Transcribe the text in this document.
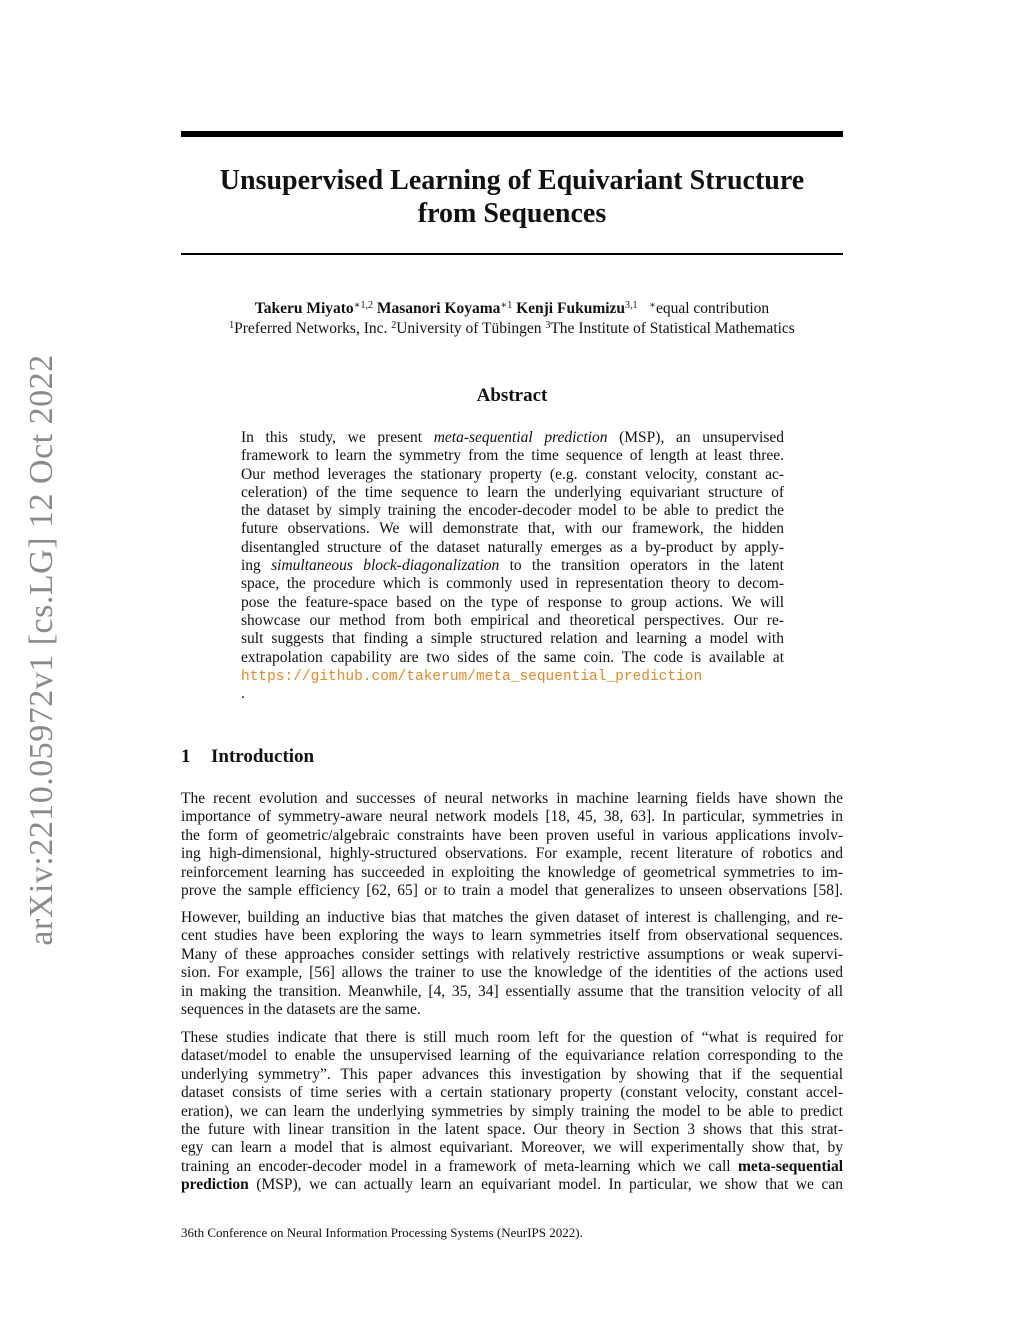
arXiv:2210.05972v1 [cs.LG] 12 Oct 2022
Unsupervised Learning of Equivariant Structure
from Sequences
Takeru Miyato$^{∗1,2}$ Masanori Koyama$^{∗1}$ Kenji Fukumizu$^{3,1}$ ∗equal contribution
$^1$Preferred Networks, Inc. $^2$University of Tübingen $^3$The Institute of Statistical Mathematics
Abstract
In this study, we present meta-sequential prediction (MSP), an unsupervised
framework to learn the symmetry from the time sequence of length at least three.
Our method leverages the stationary property (e.g. constant velocity, constant ac-
celeration) of the time sequence to learn the underlying equivariant structure of
the dataset by simply training the encoder-decoder model to be able to predict the
future observations. We will demonstrate that, with our framework, the hidden
disentangled structure of the dataset naturally emerges as a by-product by apply-
ing simultaneous block-diagonalization to the transition operators in the latent
space, the procedure which is commonly used in representation theory to decom-
pose the feature-space based on the type of response to group actions. We will
showcase our method from both empirical and theoretical perspectives. Our re-
sult suggests that finding a simple structured relation and learning a model with
extrapolation capability are two sides of the same coin. The code is available at
https://github.com/takerum/meta_sequential_prediction
.
1 Introduction
The recent evolution and successes of neural networks in machine learning fields have shown the
importance of symmetry-aware neural network models [18, 45, 38, 63]. In particular, symmetries in
the form of geometric/algebraic constraints have been proven useful in various applications involv-
ing high-dimensional, highly-structured observations. For example, recent literature of robotics and
reinforcement learning has succeeded in exploiting the knowledge of geometrical symmetries to im-
prove the sample efficiency [62, 65] or to train a model that generalizes to unseen observations [58].
However, building an inductive bias that matches the given dataset of interest is challenging, and re-
cent studies have been exploring the ways to learn symmetries itself from observational sequences.
Many of these approaches consider settings with relatively restrictive assumptions or weak supervi-
sion. For example, [56] allows the trainer to use the knowledge of the identities of the actions used
in making the transition. Meanwhile, [4, 35, 34] essentially assume that the transition velocity of all
sequences in the datasets are the same.
These studies indicate that there is still much room left for the question of “what is required for
dataset/model to enable the unsupervised learning of the equivariance relation corresponding to the
underlying symmetry”. This paper advances this investigation by showing that if the sequential
dataset consists of time series with a certain stationary property (constant velocity, constant accel-
eration), we can learn the underlying symmetries by simply training the model to be able to predict
the future with linear transition in the latent space. Our theory in Section 3 shows that this strat-
egy can learn a model that is almost equivariant. Moreover, we will experimentally show that, by
training an encoder-decoder model in a framework of meta-learning which we call meta-sequential
prediction (MSP), we can actually learn an equivariant model. In particular, we show that we can
36th Conference on Neural Information Processing Systems (NeurIPS 2022).
